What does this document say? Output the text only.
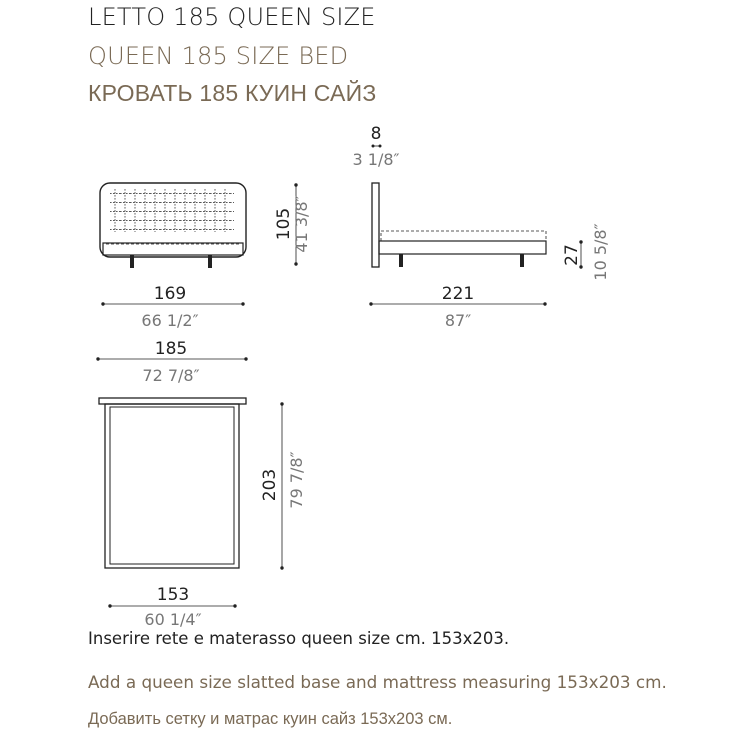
LETTO 185 QUEEN SIZE
QUEEN 185 SIZE BED
КРОВАТЬ 185 КУИН САЙЗ
105
41 3/8″
169
66 1/2″
8
3 1/8″
27 10 5/8″
221
87″
185
72 7/8″
203 79 7/8″
153
60 1/4″
Inserire rete e materasso queen size cm. 153x203.
Add a queen size slatted base and mattress measuring 153x203 cm.
Добавить сетку и матрас куин сайз 153x203 см.
